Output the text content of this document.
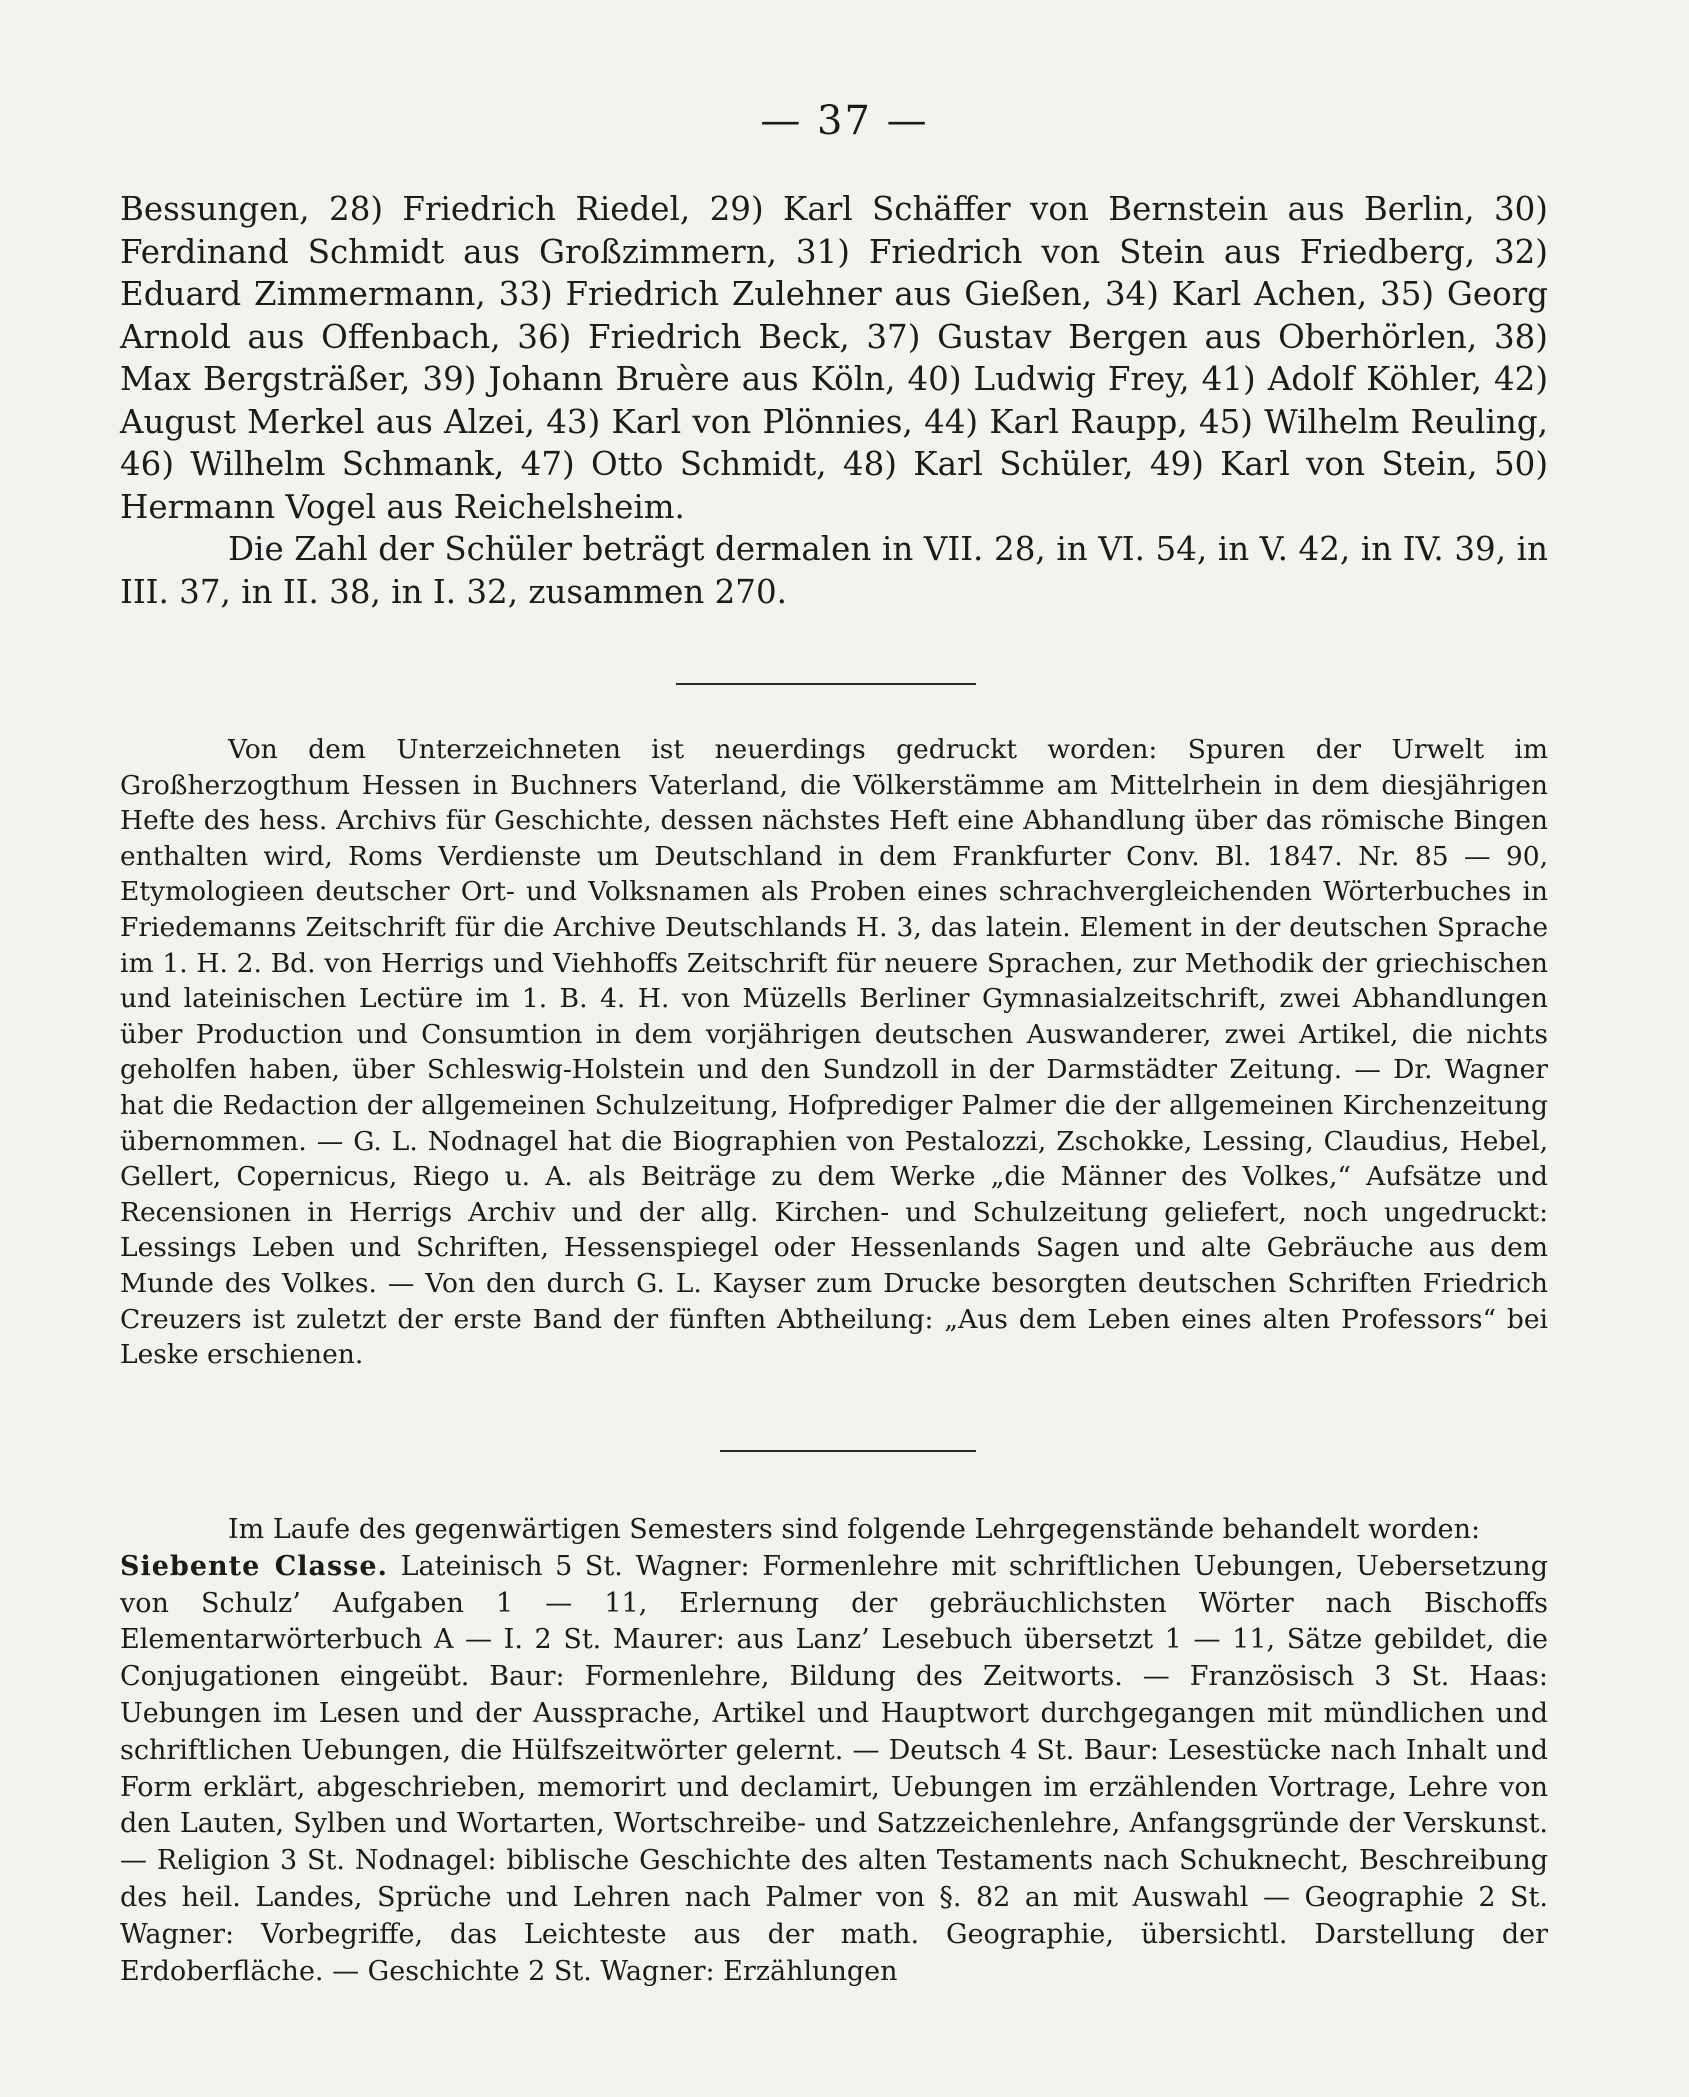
— 37 —

Bessungen, 28) Friedrich Riedel, 29) Karl Schäffer von Bernstein aus Berlin, 30) Ferdinand Schmidt aus Großzimmern, 31) Friedrich von Stein aus Friedberg, 32) Eduard Zimmermann, 33) Friedrich Zulehner aus Gießen, 34) Karl Achen, 35) Georg Arnold aus Offenbach, 36) Friedrich Beck, 37) Gustav Bergen aus Oberhörlen, 38) Max Bergsträßer, 39) Johann Bruère aus Köln, 40) Ludwig Frey, 41) Adolf Köhler, 42) August Merkel aus Alzei, 43) Karl von Plönnies, 44) Karl Raupp, 45) Wilhelm Reuling, 46) Wilhelm Schmank, 47) Otto Schmidt, 48) Karl Schüler, 49) Karl von Stein, 50) Hermann Vogel aus Reichelsheim.

Die Zahl der Schüler beträgt dermalen in VII. 28, in VI. 54, in V. 42, in IV. 39, in III. 37, in II. 38, in I. 32, zusammen 270.

Von dem Unterzeichneten ist neuerdings gedruckt worden: Spuren der Urwelt im Großherzogthum Hessen in Buchners Vaterland, die Völkerstämme am Mittelrhein in dem diesjährigen Hefte des hess. Archivs für Geschichte, dessen nächstes Heft eine Abhandlung über das römische Bingen enthalten wird, Roms Verdienste um Deutschland in dem Frankfurter Conv. Bl. 1847. Nr. 85 — 90, Etymologieen deutscher Ort- und Volksnamen als Proben eines schrachvergleichenden Wörterbuches in Friedemanns Zeitschrift für die Archive Deutschlands H. 3, das latein. Element in der deutschen Sprache im 1. H. 2. Bd. von Herrigs und Viehhoffs Zeitschrift für neuere Sprachen, zur Methodik der griechischen und lateinischen Lectüre im 1. B. 4. H. von Müzells Berliner Gymnasialzeitschrift, zwei Abhandlungen über Production und Consumtion in dem vorjährigen deutschen Auswanderer, zwei Artikel, die nichts geholfen haben, über Schleswig-Holstein und den Sundzoll in der Darmstädter Zeitung. — Dr. Wagner hat die Redaction der allgemeinen Schulzeitung, Hofprediger Palmer die der allgemeinen Kirchenzeitung übernommen. — G. L. Nodnagel hat die Biographien von Pestalozzi, Zschokke, Lessing, Claudius, Hebel, Gellert, Copernicus, Riego u. A. als Beiträge zu dem Werke „die Männer des Volkes,“ Aufsätze und Recensionen in Herrigs Archiv und der allg. Kirchen- und Schulzeitung geliefert, noch ungedruckt: Lessings Leben und Schriften, Hessenspiegel oder Hessenlands Sagen und alte Gebräuche aus dem Munde des Volkes. — Von den durch G. L. Kayser zum Drucke besorgten deutschen Schriften Friedrich Creuzers ist zuletzt der erste Band der fünften Abtheilung: „Aus dem Leben eines alten Professors“ bei Leske erschienen.

Im Laufe des gegenwärtigen Semesters sind folgende Lehrgegenstände behandelt worden:

Siebente Classe. Lateinisch 5 St. Wagner: Formenlehre mit schriftlichen Uebungen, Uebersetzung von Schulz’ Aufgaben 1 — 11, Erlernung der gebräuchlichsten Wörter nach Bischoffs Elementarwörterbuch A — I. 2 St. Maurer: aus Lanz’ Lesebuch übersetzt 1 — 11, Sätze gebildet, die Conjugationen eingeübt. Baur: Formenlehre, Bildung des Zeitworts. — Französisch 3 St. Haas: Uebungen im Lesen und der Aussprache, Artikel und Hauptwort durchgegangen mit mündlichen und schriftlichen Uebungen, die Hülfszeitwörter gelernt. — Deutsch 4 St. Baur: Lesestücke nach Inhalt und Form erklärt, abgeschrieben, memorirt und declamirt, Uebungen im erzählenden Vortrage, Lehre von den Lauten, Sylben und Wortarten, Wortschreibe- und Satzzeichenlehre, Anfangsgründe der Verskunst. — Religion 3 St. Nodnagel: biblische Geschichte des alten Testaments nach Schuknecht, Beschreibung des heil. Landes, Sprüche und Lehren nach Palmer von §. 82 an mit Auswahl — Geographie 2 St. Wagner: Vorbegriffe, das Leichteste aus der math. Geographie, übersichtl. Darstellung der Erdoberfläche. — Geschichte 2 St. Wagner: Erzählungen
